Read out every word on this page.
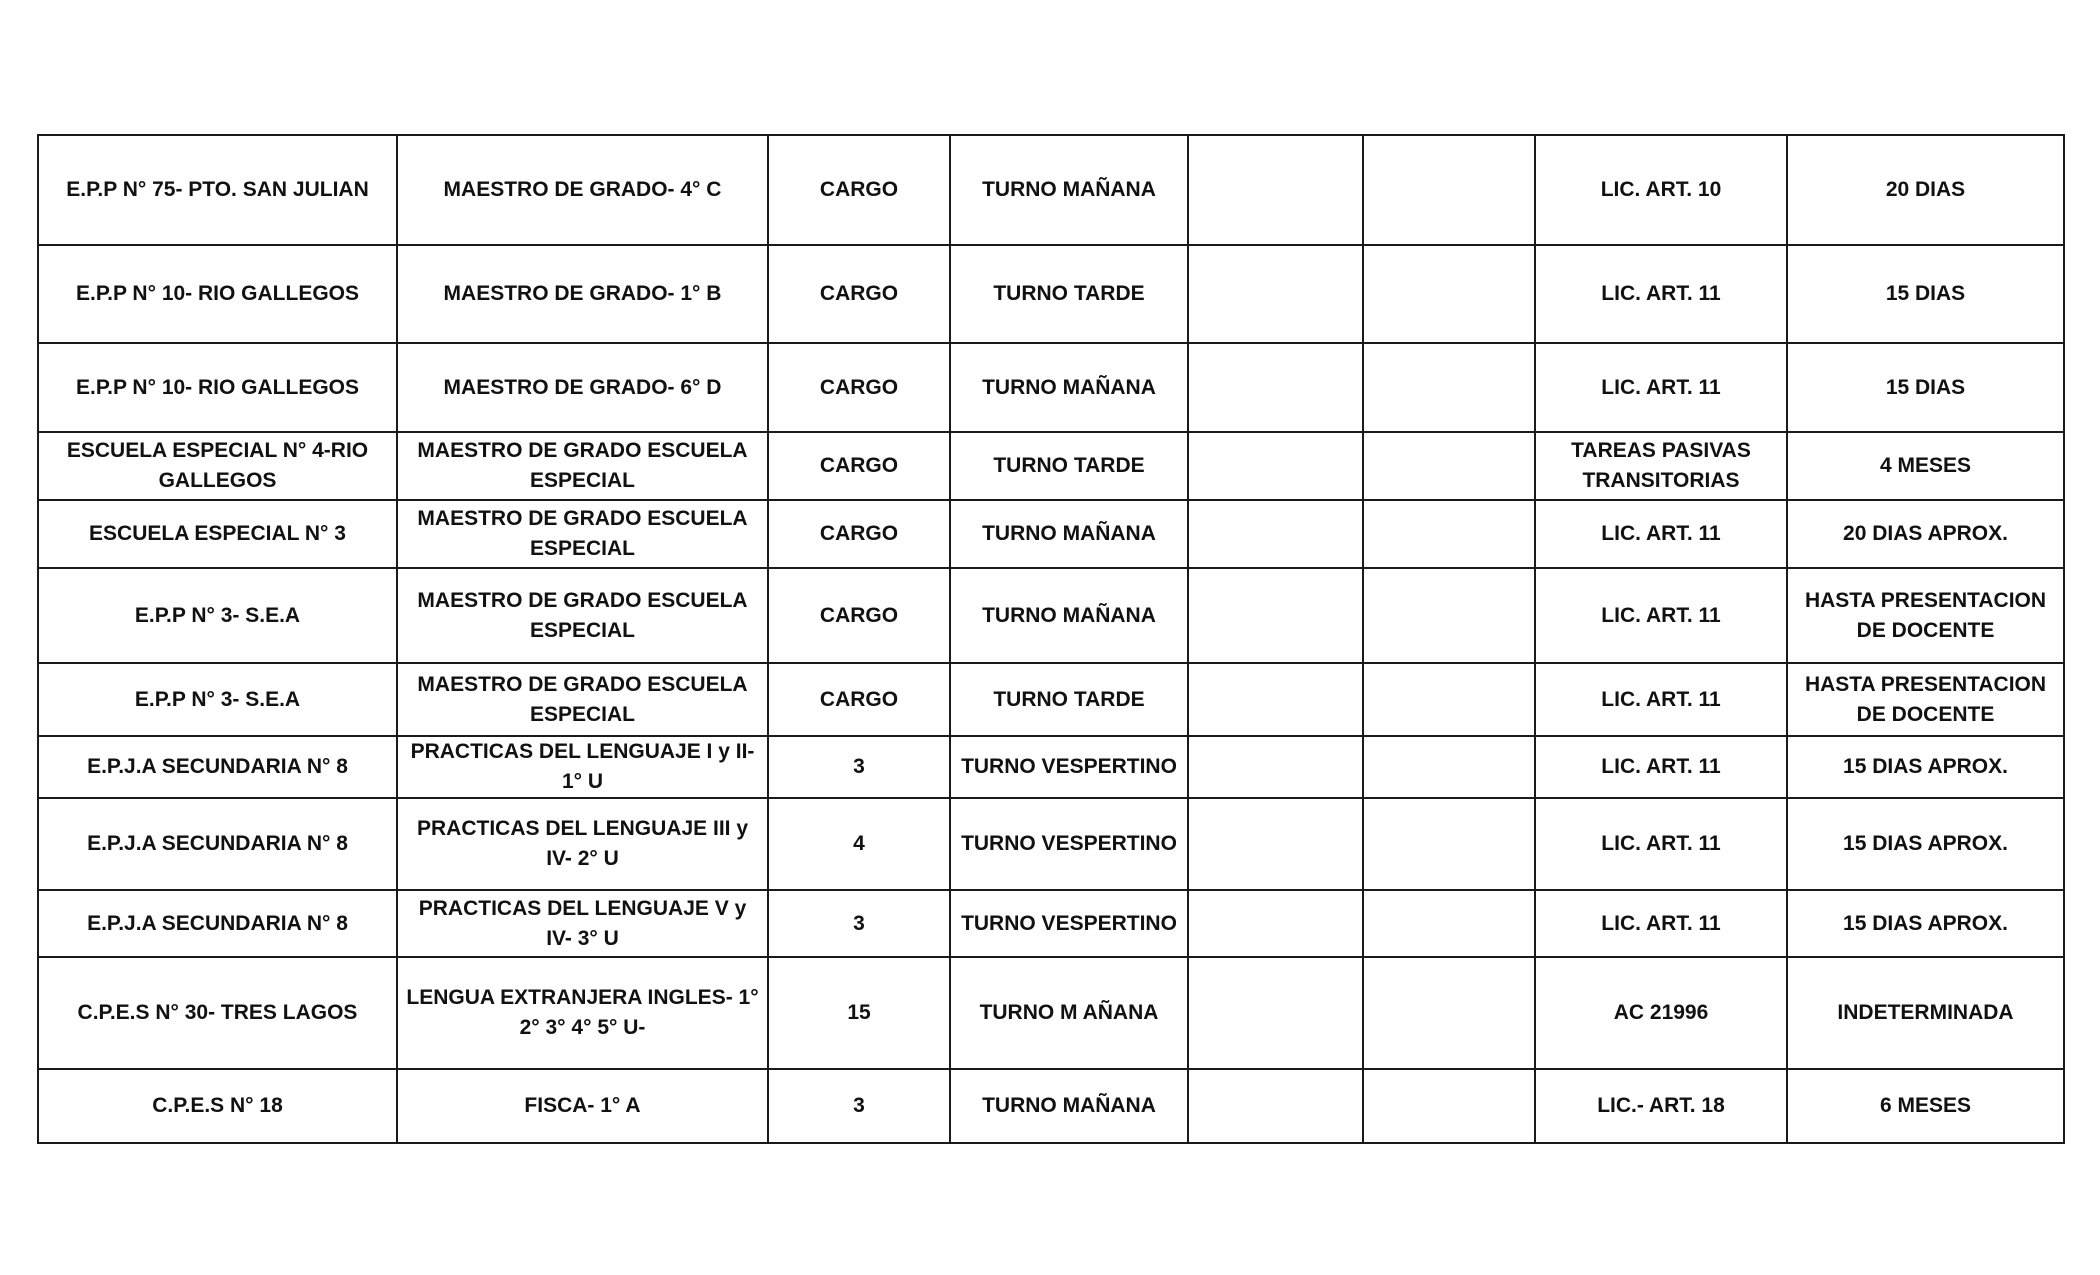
E.P.P N° 75- PTO. SAN JULIAN	MAESTRO DE GRADO- 4° C	CARGO	TURNO MAÑANA			LIC. ART. 10	20 DIAS
E.P.P N° 10- RIO GALLEGOS	MAESTRO DE GRADO- 1° B	CARGO	TURNO TARDE			LIC. ART. 11	15 DIAS
E.P.P N° 10- RIO GALLEGOS	MAESTRO DE GRADO- 6° D	CARGO	TURNO MAÑANA			LIC. ART. 11	15 DIAS
ESCUELA ESPECIAL N° 4-RIO GALLEGOS	MAESTRO DE GRADO ESCUELA ESPECIAL	CARGO	TURNO TARDE			TAREAS PASIVAS TRANSITORIAS	4 MESES
ESCUELA ESPECIAL N° 3	MAESTRO DE GRADO ESCUELA ESPECIAL	CARGO	TURNO MAÑANA			LIC. ART. 11	20 DIAS APROX.
E.P.P N° 3- S.E.A	MAESTRO DE GRADO ESCUELA ESPECIAL	CARGO	TURNO MAÑANA			LIC. ART. 11	HASTA PRESENTACION DE DOCENTE
E.P.P N° 3- S.E.A	MAESTRO DE GRADO ESCUELA ESPECIAL	CARGO	TURNO TARDE			LIC. ART. 11	HASTA PRESENTACION DE DOCENTE
E.P.J.A SECUNDARIA N° 8	PRACTICAS DEL LENGUAJE I y II-1° U	3	TURNO VESPERTINO			LIC. ART. 11	15 DIAS APROX.
E.P.J.A SECUNDARIA N° 8	PRACTICAS DEL LENGUAJE III y IV- 2° U	4	TURNO VESPERTINO			LIC. ART. 11	15 DIAS APROX.
E.P.J.A SECUNDARIA N° 8	PRACTICAS DEL LENGUAJE V y IV- 3° U	3	TURNO VESPERTINO			LIC. ART. 11	15 DIAS APROX.
C.P.E.S N° 30- TRES LAGOS	LENGUA EXTRANJERA INGLES- 1° 2° 3° 4° 5° U-	15	TURNO M AÑANA			AC 21996	INDETERMINADA
C.P.E.S N° 18	FISCA- 1° A	3	TURNO MAÑANA			LIC.- ART. 18	6 MESES
